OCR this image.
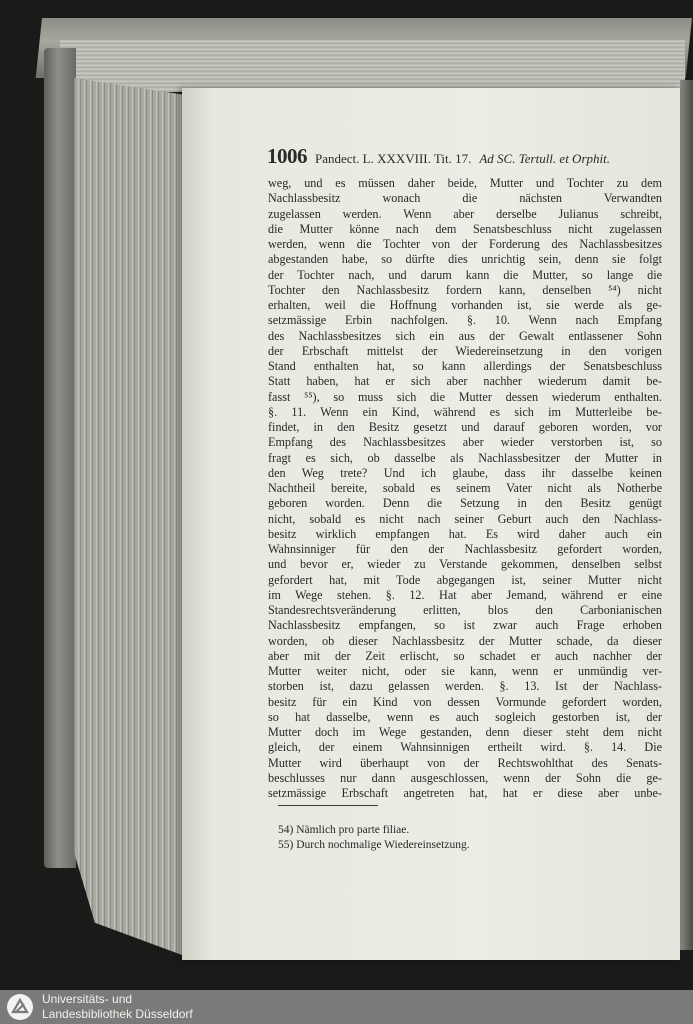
1006 Pandect. L. XXXVIII. Tit. 17. Ad SC. Tertull. et Orphit.
weg, und es müssen daher beide, Mutter und Tochter zu dem
Nachlassbesitz wonach die nächsten Verwandten
zugelassen werden. Wenn aber derselbe Julianus schreibt,
die Mutter könne nach dem Senatsbeschluss nicht zugelassen
werden, wenn die Tochter von der Forderung des Nachlassbesitzes
abgestanden habe, so dürfte dies unrichtig sein, denn sie folgt
der Tochter nach, und darum kann die Mutter, so lange die
Tochter den Nachlassbesitz fordern kann, denselben ⁵⁴) nicht
erhalten, weil die Hoffnung vorhanden ist, sie werde als ge-
setzmässige Erbin nachfolgen. §. 10. Wenn nach Empfang
des Nachlassbesitzes sich ein aus der Gewalt entlassener Sohn
der Erbschaft mittelst der Wiedereinsetzung in den vorigen
Stand enthalten hat, so kann allerdings der Senatsbeschluss
Statt haben, hat er sich aber nachher wiederum damit be-
fasst ⁵⁵), so muss sich die Mutter dessen wiederum enthalten.
§. 11. Wenn ein Kind, während es sich im Mutterleibe be-
findet, in den Besitz gesetzt und darauf geboren worden, vor
Empfang des Nachlassbesitzes aber wieder verstorben ist, so
fragt es sich, ob dasselbe als Nachlassbesitzer der Mutter in
den Weg trete? Und ich glaube, dass ihr dasselbe keinen
Nachtheil bereite, sobald es seinem Vater nicht als Notherbe
geboren worden. Denn die Setzung in den Besitz genügt
nicht, sobald es nicht nach seiner Geburt auch den Nachlass-
besitz wirklich empfangen hat. Es wird daher auch ein
Wahnsinniger für den der Nachlassbesitz gefordert worden,
und bevor er, wieder zu Verstande gekommen, denselben selbst
gefordert hat, mit Tode abgegangen ist, seiner Mutter nicht
im Wege stehen. §. 12. Hat aber Jemand, während er eine
Standesrechtsveränderung erlitten, blos den Carbonianischen
Nachlassbesitz empfangen, so ist zwar auch Frage erhoben
worden, ob dieser Nachlassbesitz der Mutter schade, da dieser
aber mit der Zeit erlischt, so schadet er auch nachher der
Mutter weiter nicht, oder sie kann, wenn er unmündig ver-
storben ist, dazu gelassen werden. §. 13. Ist der Nachlass-
besitz für ein Kind von dessen Vormunde gefordert worden,
so hat dasselbe, wenn es auch sogleich gestorben ist, der
Mutter doch im Wege gestanden, denn dieser steht dem nicht
gleich, der einem Wahnsinnigen ertheilt wird. §. 14. Die
Mutter wird überhaupt von der Rechtswohlthat des Senats-
beschlusses nur dann ausgeschlossen, wenn der Sohn die ge-
setzmässige Erbschaft angetreten hat, hat er diese aber unbe-
54) Nämlich pro parte filiae.
55) Durch nochmalige Wiedereinsetzung.
Universitäts- und
Landesbibliothek Düsseldorf
